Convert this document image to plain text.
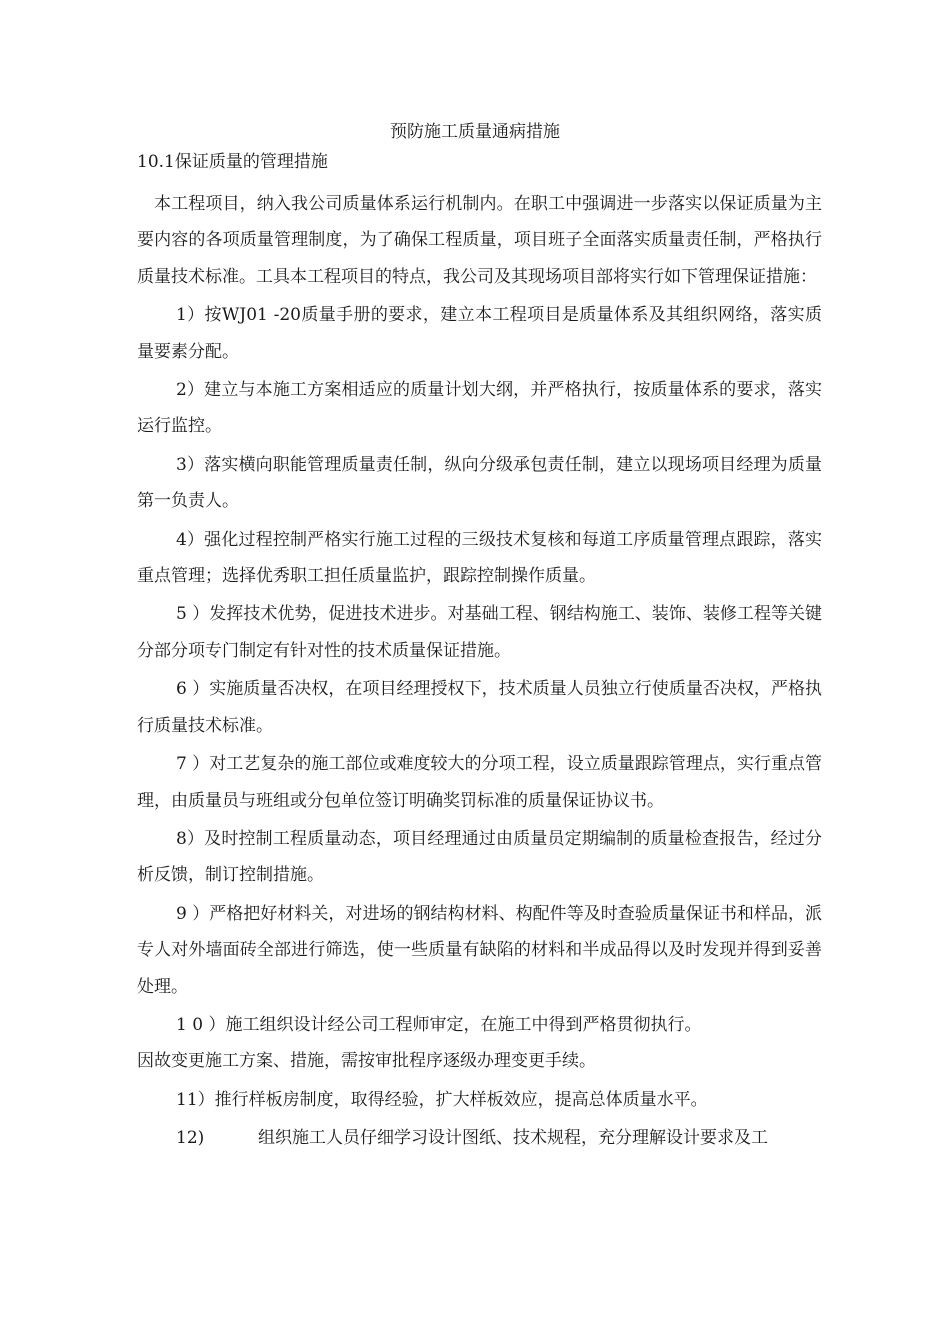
预防施工质量通病措施
10.1保证质量的管理措施

本工程项目，纳入我公司质量体系运行机制内。在职工中强调进一步落实以保证质量为主要内容的各项质量管理制度，为了确保工程质量，项目班子全面落实质量责任制，严格执行质量技术标准。工具本工程项目的特点，我公司及其现场项目部将实行如下管理保证措施：

1）按WJ01 -20质量手册的要求，建立本工程项目是质量体系及其组织网络，落实质量要素分配。

2）建立与本施工方案相适应的质量计划大纲，并严格执行，按质量体系的要求，落实运行监控。

3）落实横向职能管理质量责任制，纵向分级承包责任制，建立以现场项目经理为质量第一负责人。

4）强化过程控制严格实行施工过程的三级技术复核和每道工序质量管理点跟踪，落实重点管理；选择优秀职工担任质量监护，跟踪控制操作质量。

5 ）发挥技术优势，促进技术进步。对基础工程、钢结构施工、装饰、装修工程等关键分部分项专门制定有针对性的技术质量保证措施。

6 ）实施质量否决权，在项目经理授权下，技术质量人员独立行使质量否决权，严格执行质量技术标准。

7 ）对工艺复杂的施工部位或难度较大的分项工程，设立质量跟踪管理点，实行重点管理，由质量员与班组或分包单位签订明确奖罚标准的质量保证协议书。

8）及时控制工程质量动态，项目经理通过由质量员定期编制的质量检查报告，经过分析反馈，制订控制措施。

9 ）严格把好材料关，对进场的钢结构材料、构配件等及时查验质量保证书和样品，派专人对外墙面砖全部进行筛选，使一些质量有缺陷的材料和半成品得以及时发现并得到妥善处理。

1 0 ）施工组织设计经公司工程师审定，在施工中得到严格贯彻执行。

因故变更施工方案、措施，需按审批程序逐级办理变更手续。

11）推行样板房制度，取得经验，扩大样板效应，提高总体质量水平。

12)	组织施工人员仔细学习设计图纸、技术规程，充分理解设计要求及工
